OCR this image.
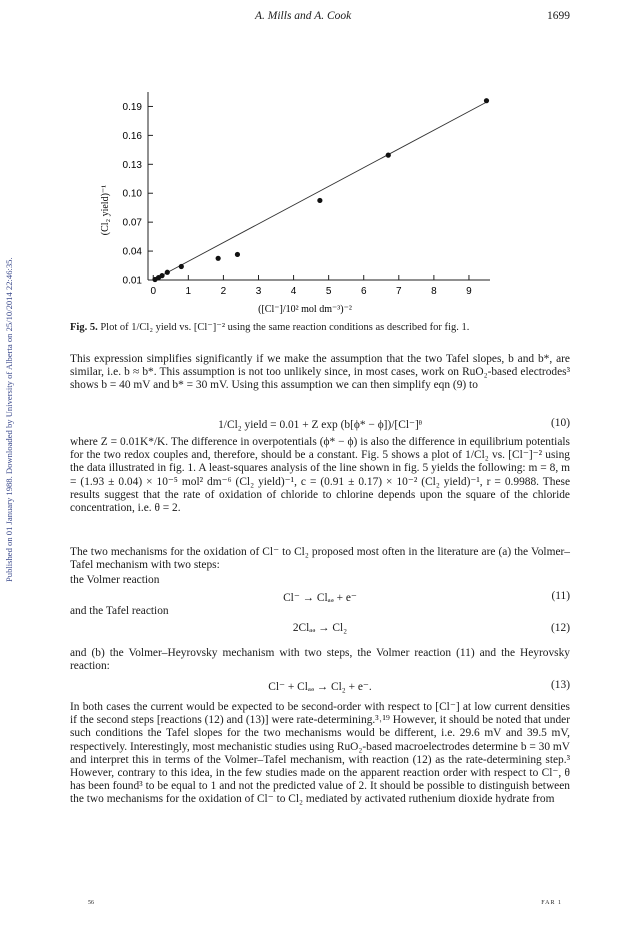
Published on 01 January 1988. Downloaded by University of Alberta on 25/10/2014 22:46:35.
A. Mills and A. Cook	1699
0.01
0.04
0.07
0.10
0.13
0.16
0.19
0	1	2	3	4	5	6	7	8	9
(Cl₂ yield)⁻¹
([Cl⁻]/10² mol dm⁻³)⁻²
Fig. 5. Plot of 1/Cl₂ yield vs. [Cl⁻]⁻² using the same reaction conditions as described for fig. 1.
This expression simplifies significantly if we make the assumption that the two Tafel slopes, b and b*, are similar, i.e. b ≈ b*. This assumption is not too unlikely since, in most cases, work on RuO₂-based electrodes³ shows b = 40 mV and b* = 30 mV. Using this assumption we can then simplify eqn (9) to
1/Cl₂ yield = 0.01 + Z exp (b[ϕ* − ϕ])/[Cl⁻]ᶿ	(10)
where Z = 0.01K*/K. The difference in overpotentials (ϕ* − ϕ) is also the difference in equilibrium potentials for the two redox couples and, therefore, should be a constant. Fig. 5 shows a plot of 1/Cl₂ vs. [Cl⁻]⁻² using the data illustrated in fig. 1. A least-squares analysis of the line shown in fig. 5 yields the following: m = 8, m = (1.93 ± 0.04) × 10⁻⁵ mol² dm⁻⁶ (Cl₂ yield)⁻¹, c = (0.91 ± 0.17) × 10⁻² (Cl₂ yield)⁻¹, r = 0.9988. These results suggest that the rate of oxidation of chloride to chlorine depends upon the square of the chloride concentration, i.e. θ = 2.
The two mechanisms for the oxidation of Cl⁻ to Cl₂ proposed most often in the literature are (a) the Volmer–Tafel mechanism with two steps:
the Volmer reaction
Cl⁻ → Clₐₔ + e⁻	(11)
and the Tafel reaction
2Clₐₔ → Cl₂	(12)
and (b) the Volmer–Heyrovsky mechanism with two steps, the Volmer reaction (11) and the Heyrovsky reaction:
Cl⁻ + Clₐₔ → Cl₂ + e⁻.	(13)
In both cases the current would be expected to be second-order with respect to [Cl⁻] at low current densities if the second steps [reactions (12) and (13)] were rate-determining.³˒¹⁹ However, it should be noted that under such conditions the Tafel slopes for the two mechanisms would be different, i.e. 29.6 mV and 39.5 mV, respectively. Interestingly, most mechanistic studies using RuO₂-based macroelectrodes determine b = 30 mV and interpret this in terms of the Volmer–Tafel mechanism, with reaction (12) as the rate-determining step.³ However, contrary to this idea, in the few studies made on the apparent reaction order with respect to Cl⁻, θ has been found³ to be equal to 1 and not the predicted value of 2. It should be possible to distinguish between the two mechanisms for the oxidation of Cl⁻ to Cl₂ mediated by activated ruthenium dioxide hydrate from
56	FAR 1
